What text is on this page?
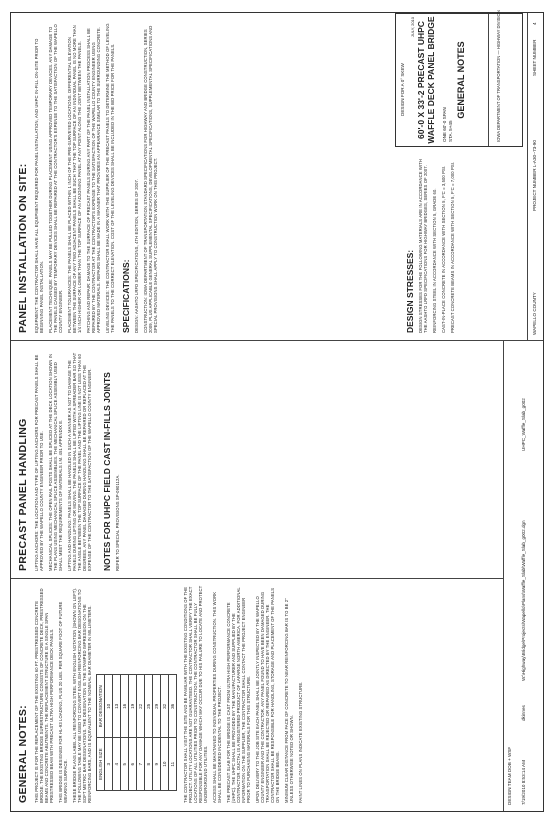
GENERAL NOTES: THIS PROJECT IS FOR THE REPLACEMENT OF THE EXISTING 60 FT. PRESTRESSED CONCRETE BRIDGE. THE EXISTING BRIDGE SUPERSTRUCTURE CONSISTS OF CONCRETE DECK, PRESTRESSED BEAMS AND CONCRETE ABUTMENTS. THE REPLACEMENT STRUCTURE IS A SINGLE SPAN PRESTRESSED BEAM WITH PRECAST ULTRA HIGH PERFORMANCE DECK PANELS. THIS BRIDGE IS DESIGNED FOR HL-93 LOADING, PLUS 20 LBS. PER SQUARE FOOT OF FUTURE WEARING SURFACE. THESE BRIDGE PLANS LABEL ALL REINFORCING STEEL WITH ENGLISH NOTATION (SHOWN ON LEFT). THE FOLLOWING TABLE MAY BE USED TO CONVERT ENGLISH REINFORCING BAR DESIGNATIONS TO SOFT METRIC BAR DESIGNATIONS. THE DESIGNATION IS THE STAMPED IMPRESSION ON THE REINFORCING BARS, AND IS EQUIVALENT TO THE NOMINAL BAR DIAMETER IN MILLIMETERS. ENGLISH SIZE	BAR DESIGNATION
3	10
4	13
5	16
6	19
7	22
8	25
9	29
10	32
11	36 THE CONTRACTOR SHALL VISIT THE SITE AND BE FAMILIAR WITH THE EXISTING CONDITIONS OF THE PROJECT. UTILITY LOCATIONS ARE NOT GUARANTEED. THE CONTRACTOR SHALL VERIFY THE EXACT LOCATIONS OF ALL UTILITIES PRIOR TO CONSTRUCTION. THE CONTRACTOR SHALL BE FULLY RESPONSIBLE FOR ANY DAMAGE WHICH MAY OCCUR DUE TO HIS FAILURE TO LOCATE AND PROTECT UNDERGROUND UTILITIES. ACCESS SHALL BE MAINTAINED TO INDIVIDUAL PROPERTIES DURING CONSTRUCTION. THIS WORK SHALL BE CONSIDERED INCIDENTAL TO THE PROJECT. THE PRECAST SLAB FOR THE BRIDGE IS CAST FROM ULTRA HIGH PERFORMANCE CONCRETE (UHPC). THE UHPC SHALL BE PROVIDED BY THE MANUFACTURER AND SUPPLIED BY THE CONTRACTOR. DUCTAL IS A REGISTERED PRODUCT OF LAFARGE NORTH AMERICA. FOR ADDITIONAL INFORMATION ON THE SUPPLIER, THE CONTRACTOR SHALL CONTACT THE PROJECT ENGINEER PRIOR TO PURCHASING MATERIALS FOR THIS STRUCTURE. UPON DELIVERY TO THE JOB SITE EACH PANEL SHALL BE JOINTLY INSPECTED BY THE WAPELLO COUNTY ENGINEER AND THE CONTRACTOR. ANY PANEL FOUND TO HAVE BEEN DAMAGED DURING TRANSPORTATION SHALL BE REJECTED OR REPAIRED AS DIRECTED BY THE ENGINEER. THE CONTRACTOR SHALL BE RESPONSIBLE FOR HANDLING, STORAGE AND PLACEMENT OF THE PANELS ON THE BRIDGE BEAMS. MINIMUM CLEAR DISTANCE FROM FACE OF CONCRETE TO NEAR REINFORCING BAR IS TO BE 2" UNLESS OTHERWISE NOTED OR SHOWN. FAINT LINES ON PLANS INDICATE EXISTING STRUCTURE.
PRECAST PANEL HANDLING LIFTING ANCHORS: THE LOCATION AND TYPE OF LIFTING ANCHORS FOR PRECAST PANELS SHALL BE APPROVED BY THE WAPELLO COUNTY ENGINEER PRIOR TO USE. MECHANICAL SPLICES: THE OPEN RAIL POSTS SHALL BE SPLICED AT THE DECK LOCATION SHOWN IN THE PLANS USING MECHANICAL SPLICE ASSEMBLIES. THE MECHANICAL SPLICE ASSEMBLY USED SHALL MEET THE REQUIREMENTS OF MATERIALS I.M. 451 APPENDIX E. LIFTING AND HANDLING: PANELS SHALL BE HANDLED IN SUCH A MANNER AS NOT TO DAMAGE THE PANELS DURING LIFTING OR MOVING. THE PANELS SHALL BE LIFTED WITH A SPREADER BAR SO THAT THE ANGLE BETWEEN THE TOP SURFACE OF THE PANEL AND THE LIFTING LINE IS NOT LESS THAN 60 DEGREES. ANY PANEL DAMAGED DURING HANDLING SHALL BE REPAIRED OR REPLACED AT THE EXPENSE OF THE CONTRACTOR TO THE SATISFACTION OF THE WAPELLO COUNTY ENGINEER. NOTES FOR UHPC FIELD CAST IN-FILLS JOINTS REFER TO SPECIAL PROVISIONS SP-090112A.
PANEL INSTALLATION ON SITE: EQUIPMENT: THE CONTRACTOR SHALL HAVE ALL EQUIPMENT REQUIRED FOR PANEL INSTALLATION, AND UHPC IN-FILL ON-SITE PRIOR TO BEGINNING PANEL INSTALLATION. PLACEMENT TECHNIQUE: PANELS MAY BE PULLED TOGETHER DURING PLACEMENT USING APPROVED TEMPORARY DEVICES. ANY DAMAGE TO THE PANELS CAUSED BY TEMPORARY DEVICES SHALL BE REPAIRED AT THE CONTRACTOR'S EXPENSE TO THE SATISFACTION OF THE WAPELLO COUNTY ENGINEER. PLACEMENT TOLERANCES: THE PANELS SHALL BE PLACED WITHIN 1 INCH OF THE PRE-SURVEYED LOCATIONS. DIFFERENTIAL ELEVATION BETWEEN THE SURFACE OF ANY TWO ADJACENT PANELS SHALL BE SUCH THAT THE TOP SURFACE OF AN INDIVIDUAL PANEL IS NO MORE THAN 1/4 INCH HIGHER OR LOWER THAN THE TOP SURFACE OF AN ADJOINING PANEL AT ANY POINT ALONG THE JOINT BETWEEN THE PANELS. PATCHING AND REPAIR: DAMAGE TO THE SURFACE OF PRECAST PANELS DURING ANY PART OF THE PANEL INSTALLATION PROCESS SHALL BE REPAIRED BY THE CONTRACTOR AT THE CONTRACTOR'S EXPENSE TO THE SATISFACTION OF THE WAPELLO COUNTY ENGINEER USING APPROVED MATERIALS. REPAIRS SHALL BE MADE IN A MANNER THAT PROVIDES AN APPEARANCE SIMILAR TO THE SURROUNDING CONCRETE. LEVELING DEVICES: THE CONTRACTOR SHALL WORK WITH THE SUPPLIER OF THE PRECAST PANELS TO DETERMINE THE METHOD OF LEVELING THE PANELS TO THE CORRECT ELEVATION. COST OF THE LEVELING DEVICES SHALL BE INCLUDED IN THE BID PRICE FOR THE PANELS. SPECIFICATIONS: DESIGN: AASHTO LRFD SPECIFICATIONS, 4TH EDITION, SERIES OF 2007. CONSTRUCTION: IOWA DEPARTMENT OF TRANSPORTATION STANDARD SPECIFICATIONS FOR HIGHWAY AND BRIDGE CONSTRUCTION, SERIES 2009, PLUS APPLICABLE GENERAL SUPPLEMENTAL SPECIFICATIONS, DEVELOPMENTAL SPECIFICATIONS, SUPPLEMENTAL SPECIFICATIONS AND SPECIAL PROVISIONS SHALL APPLY TO CONSTRUCTION WORK ON THIS PROJECT.	DESIGN STRESSES: DESIGN STRESSES FOR THE FOLLOWING MATERIALS ARE IN ACCORDANCE WITH THE AASHTO LRFD SPECIFICATIONS FOR HIGHWAY BRIDGES, SERIES OF 2007. REINFORCING STEEL IN ACCORDANCE WITH SECTION 5, GRADE 60. CAST-IN-PLACE CONCRETE IN ACCORDANCE WITH SECTION 5, F'C = 3,500 PSI. PRECAST CONCRETE BEAMS IN ACCORDANCE WITH SECTION 5, F'C = 7,000 PSI.
DESIGN FOR A 0° SKEW
JULY, 2010 60'-0 X 33'-2 PRECAST UHPC WAFFLE DECK PANEL BRIDGE ONE 60'-0 SPAN STA. 5+45
GENERAL NOTES	IOWA DEPARTMENT OF TRANSPORTATION — HIGHWAY DIVISION
WAPELLO COUNTY
PROJECT NUMBER L-A30--73-90
SHEET NUMBER
4
DESIGN TEAM DOB + WSF 7/19/2010 8:53:14 AM
dkinnes
W:\Highway\Bridge\Projects\Wapello\Plans\Waffle_Slab\Waffle_Slab_g002.dgn
UHPC_Waffle_Slab_g002
